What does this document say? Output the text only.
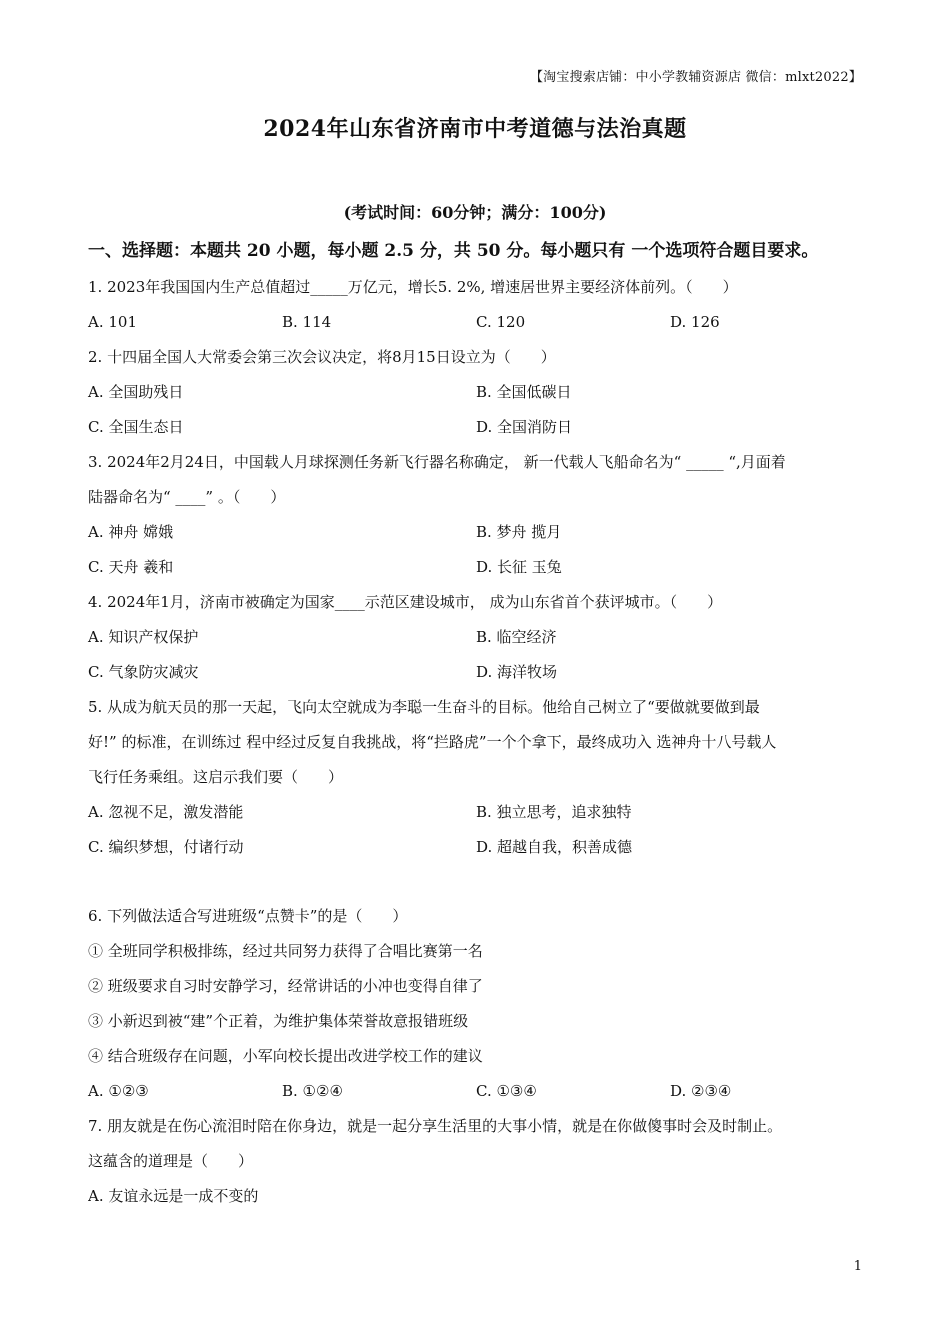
【淘宝搜索店铺：中小学教辅资源店 微信：mlxt2022】
2024年山东省济南市中考道德与法治真题
(考试时间：60分钟；满分：100分)
一、选择题：本题共 20 小题，每小题 2.5 分，共 50 分。每小题只有 一个选项符合题目要求。
1. 2023年我国国内生产总值超过_____万亿元，增长5. 2%, 增速居世界主要经济体前列。（　　）
A. 101	B. 114	C. 120	D. 126
2. 十四届全国人大常委会第三次会议决定，将8月15日设立为（　　）
A. 全国助残日	B. 全国低碳日
C. 全国生态日	D. 全国消防日
3. 2024年2月24日，中国载人月球探测任务新飞行器名称确定， 新一代载人飞船命名为“ _____ “,月面着
陆器命名为“ ____” 。（　　）
A. 神舟 嫦娥	B. 梦舟 揽月
C. 天舟 羲和	D. 长征 玉兔
4. 2024年1月，济南市被确定为国家____示范区建设城市， 成为山东省首个获评城市。（　　）
A. 知识产权保护	B. 临空经济
C. 气象防灾减灾	D. 海洋牧场
5. 从成为航天员的那一天起，飞向太空就成为李聪一生奋斗的目标。他给自己树立了“要做就要做到最
好!” 的标准，在训练过 程中经过反复自我挑战，将“拦路虎”一个个拿下，最终成功入 选神舟十八号载人
飞行任务乘组。这启示我们要（　　）
A. 忽视不足，激发潜能	B. 独立思考，追求独特
C. 编织梦想，付诸行动	D. 超越自我，积善成德
6. 下列做法适合写进班级“点赞卡”的是（　　）
① 全班同学积极排练，经过共同努力获得了合唱比赛第一名
② 班级要求自习时安静学习，经常讲话的小冲也变得自律了
③ 小新迟到被“建”个正着，为维护集体荣誉故意报错班级
④ 结合班级存在问题，小军向校长提出改进学校工作的建议
A. ①②③	B. ①②④	C. ①③④	D. ②③④
7. 朋友就是在伤心流泪时陪在你身边，就是一起分享生活里的大事小情，就是在你做傻事时会及时制止。
这蕴含的道理是（　　）
A. 友谊永远是一成不变的
1
